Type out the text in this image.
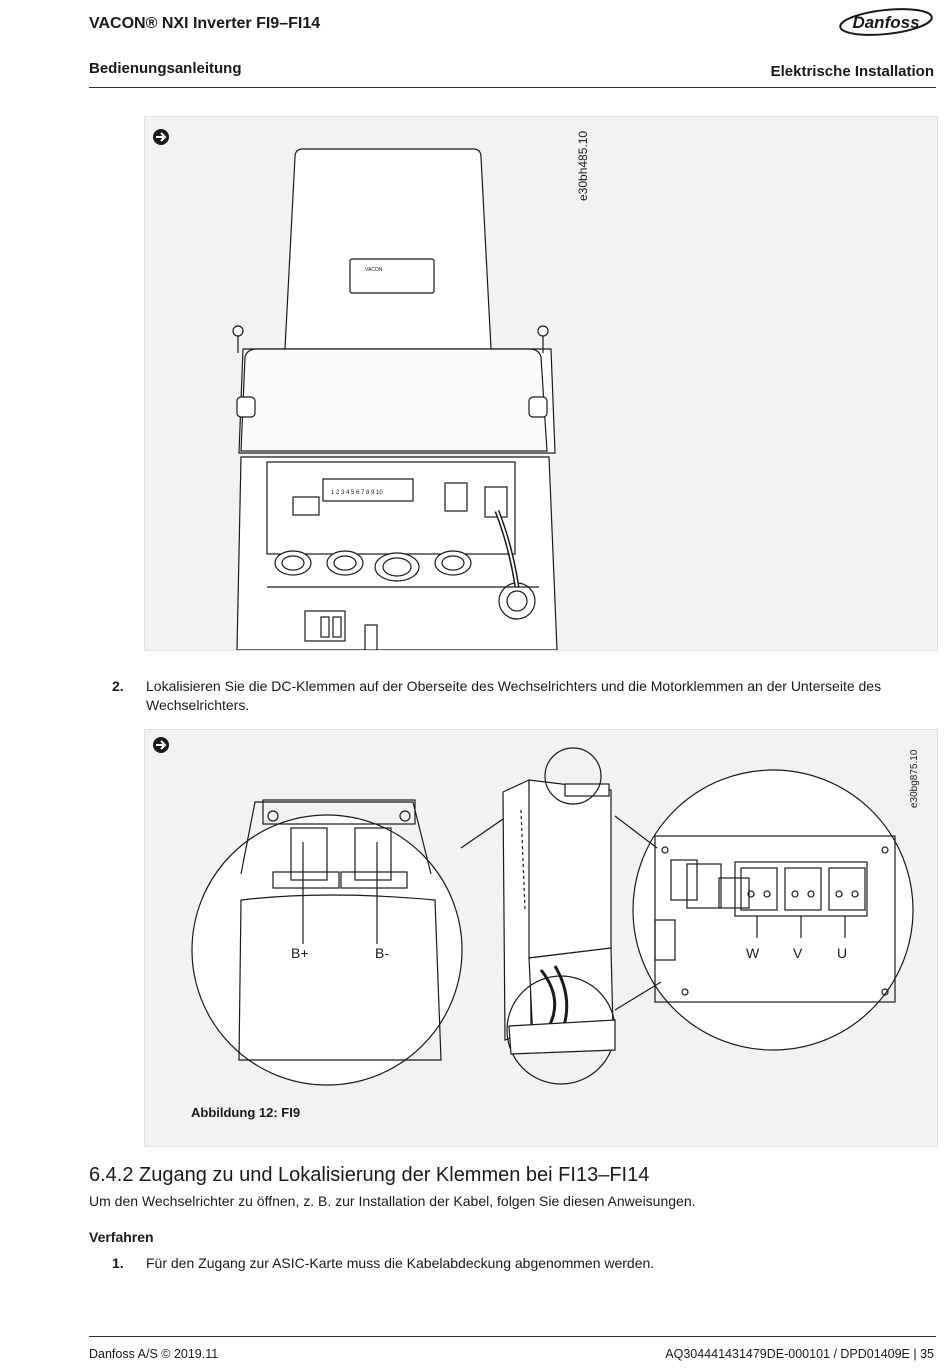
VACON® NXI Inverter FI9–FI14
Bedienungsanleitung	Elektrische Installation
Danfoss
e30bh485.10
VACON
1 2 3 4 5 6 7 8 9 10
2. Lokalisieren Sie die DC-Klemmen auf der Oberseite des Wechselrichters und die Motorklemmen an der Unterseite des
Wechselrichters.
e30bg875.10
B+	B-	W V U
Abbildung 12: FI9
6.4.2 Zugang zu und Lokalisierung der Klemmen bei FI13–FI14
Um den Wechselrichter zu öffnen, z. B. zur Installation der Kabel, folgen Sie diesen Anweisungen.
Verfahren
1. Für den Zugang zur ASIC-Karte muss die Kabelabdeckung abgenommen werden.
Danfoss A/S © 2019.11	AQ304441431479DE-000101 / DPD01409E | 35
